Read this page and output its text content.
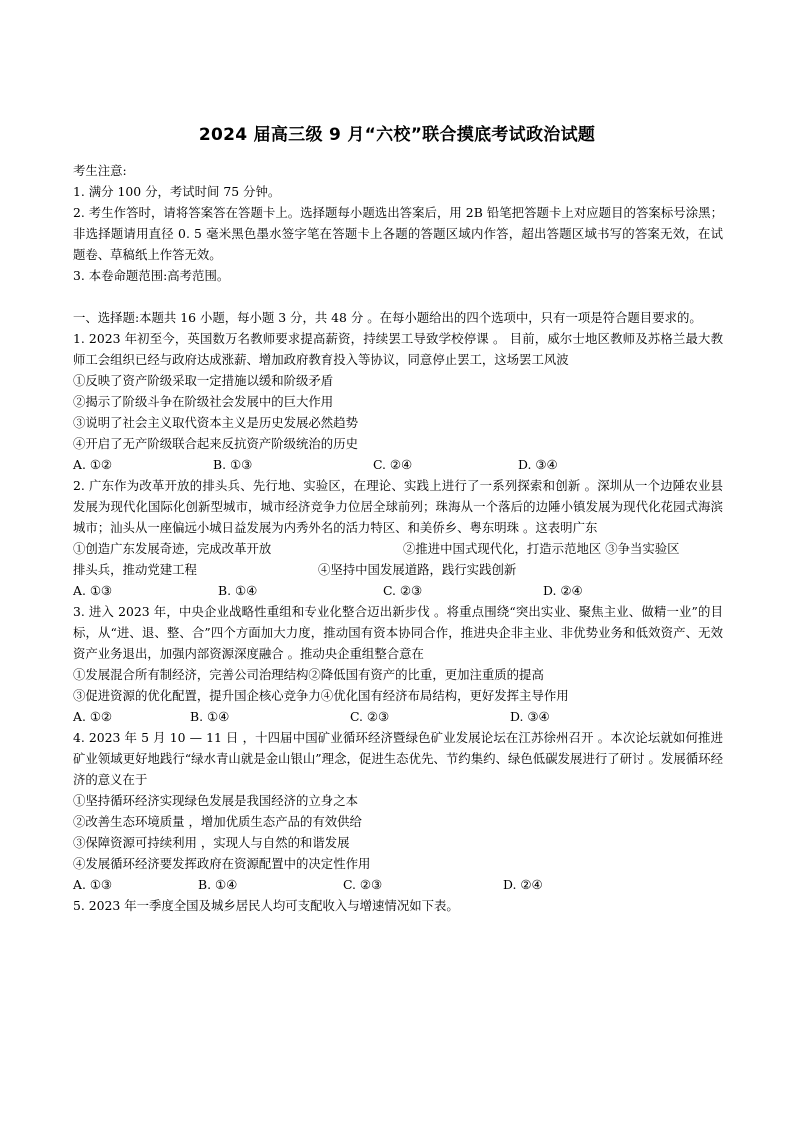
2024 届高三级 9 月“六校”联合摸底考试政治试题
考生注意:
1. 满分 100 分，考试时间 75 分钟。
2. 考生作答时，请将答案答在答题卡上。选择题每小题选出答案后，用 2B 铅笔把答题卡上对应题目的答案标号涂黑；非选择题请用直径 0. 5 毫米黑色墨水签字笔在答题卡上各题的答题区域内作答，超出答题区域书写的答案无效，在试题卷、草稿纸上作答无效。
3. 本卷命题范围:高考范围。
一、选择题:本题共 16 小题，每小题 3 分，共 48 分 。在每小题给出的四个选项中，只有一项是符合题目要求的。
1. 2023 年初至今，英国数万名教师要求提高薪资，持续罢工导致学校停课 。 目前，威尔士地区教师及苏格兰最大教师工会组织已经与政府达成涨薪、增加政府教育投入等协议，同意停止罢工，这场罢工风波
①反映了资产阶级采取一定措施以缓和阶级矛盾
②揭示了阶级斗争在阶级社会发展中的巨大作用
③说明了社会主义取代资本主义是历史发展必然趋势
④开启了无产阶级联合起来反抗资产阶级统治的历史
A. ①②	B. ①③	C. ②④	D. ③④
2. 广东作为改革开放的排头兵、先行地、实验区，在理论、实践上进行了一系列探索和创新 。深圳从一个边陲农业县发展为现代化国际化创新型城市，城市经济竞争力位居全球前列；珠海从一个落后的边陲小镇发展为现代化花园式海滨城市；汕头从一座偏远小城日益发展为内秀外名的活力特区、和美侨乡、粤东明珠 。这表明广东
①创造广东发展奇迹，完成改革开放	②推进中国式现代化，打造示范地区 ③争当实验区
排头兵，推动党建工程	④坚持中国发展道路，践行实践创新
A. ①③	B. ①④	C. ②③	D. ②④
3. 进入 2023 年，中央企业战略性重组和专业化整合迈出新步伐 。将重点围绕“突出实业、聚焦主业、做精一业”的目标，从“进、退、整、合”四个方面加大力度，推动国有资本协同合作，推进央企非主业、非优势业务和低效资产、无效资产业务退出，加强内部资源深度融合 。推动央企重组整合意在
①发展混合所有制经济，完善公司治理结构②降低国有资产的比重，更加注重质的提高
③促进资源的优化配置，提升国企核心竞争力④优化国有经济布局结构，更好发挥主导作用
A. ①②	B. ①④	C. ②③	D. ③④
4. 2023 年 5 月 10 — 11 日 ，十四届中国矿业循环经济暨绿色矿业发展论坛在江苏徐州召开 。本次论坛就如何推进矿业领域更好地践行“绿水青山就是金山银山”理念，促进生态优先、节约集约、绿色低碳发展进行了研讨 。发展循环经济的意义在于
①坚持循环经济实现绿色发展是我国经济的立身之本
②改善生态环境质量 ，增加优质生态产品的有效供给
③保障资源可持续利用 ，实现人与自然的和谐发展
④发展循环经济要发挥政府在资源配置中的决定性作用
A. ①③	B. ①④	C. ②③	D. ②④
5. 2023 年一季度全国及城乡居民人均可支配收入与增速情况如下表。
